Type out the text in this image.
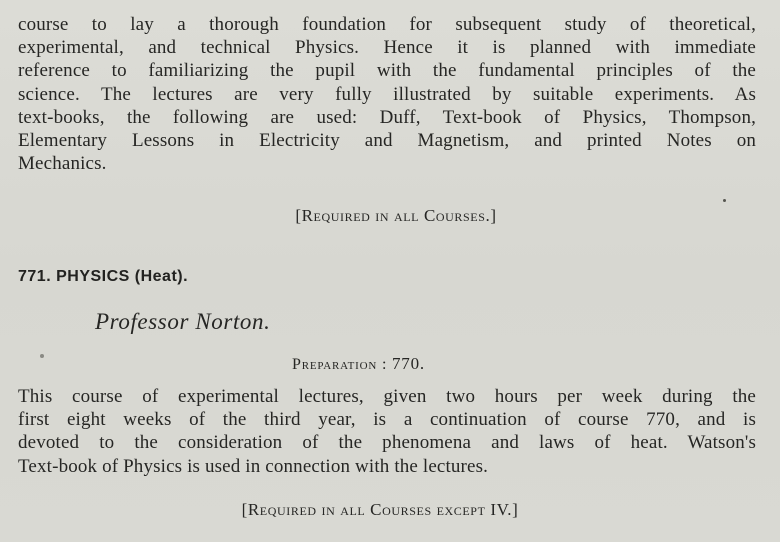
course to lay a thorough foundation for subsequent study of theoretical,
experimental, and technical Physics. Hence it is planned with immediate
reference to familiarizing the pupil with the fundamental principles of the
science. The lectures are very fully illustrated by suitable experiments. As
text-books, the following are used: Duff, Text-book of Physics, Thompson,
Elementary Lessons in Electricity and Magnetism, and printed Notes on
Mechanics.
[Required in all Courses.]
771. PHYSICS (Heat).
Professor Norton.
Preparation : 770.
This course of experimental lectures, given two hours per week during the
first eight weeks of the third year, is a continuation of course 770, and is
devoted to the consideration of the phenomena and laws of heat. Watson's
Text-book of Physics is used in connection with the lectures.
[Required in all Courses except IV.]
